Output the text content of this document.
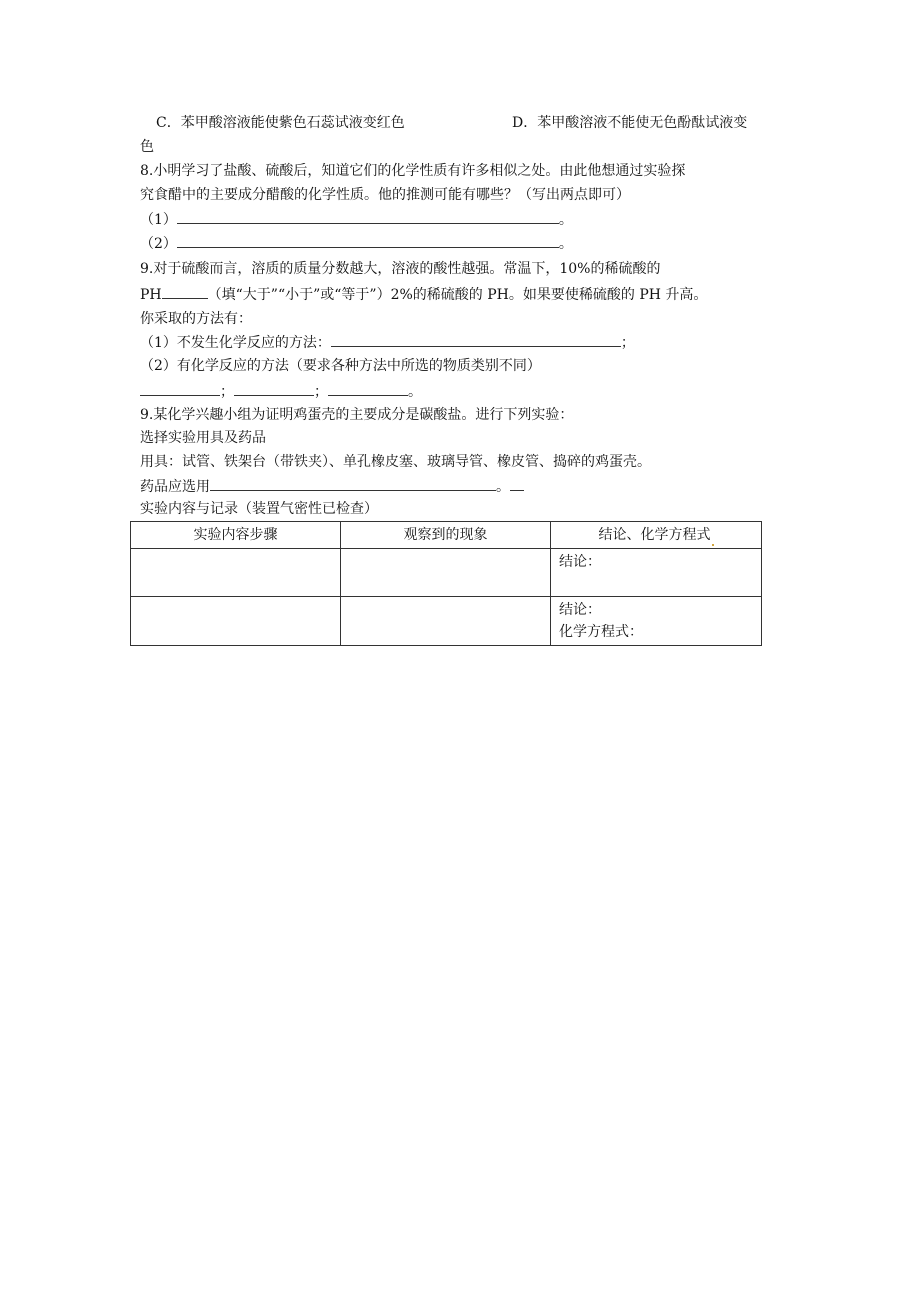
C．苯甲酸溶液能使紫色石蕊试液变红色	D．苯甲酸溶液不能使无色酚酞试液变
色
8.小明学习了盐酸、硫酸后，知道它们的化学性质有许多相似之处。由此他想通过实验探
究食醋中的主要成分醋酸的化学性质。他的推测可能有哪些？（写出两点即可）
（1）	。
（2）	。
9.对于硫酸而言，溶质的质量分数越大，溶液的酸性越强。常温下，10%的稀硫酸的
PH	（填“大于”“小于”或“等于”）2%的稀硫酸的 PH。如果要使稀硫酸的 PH 升高。
你采取的方法有：
（1）不发生化学反应的方法：	；
（2）有化学反应的方法（要求各种方法中所选的物质类别不同）
；	；	。
9.某化学兴趣小组为证明鸡蛋壳的主要成分是碳酸盐。进行下列实验：
选择实验用具及药品
用具：试管、铁架台（带铁夹）、单孔橡皮塞、玻璃导管、橡皮管、捣碎的鸡蛋壳。
药品应选用	。
实验内容与记录（装置气密性已检查）
实验内容步骤	观察到的现象	结论、化学方程式
		结论：

		结论：
化学方程式：
